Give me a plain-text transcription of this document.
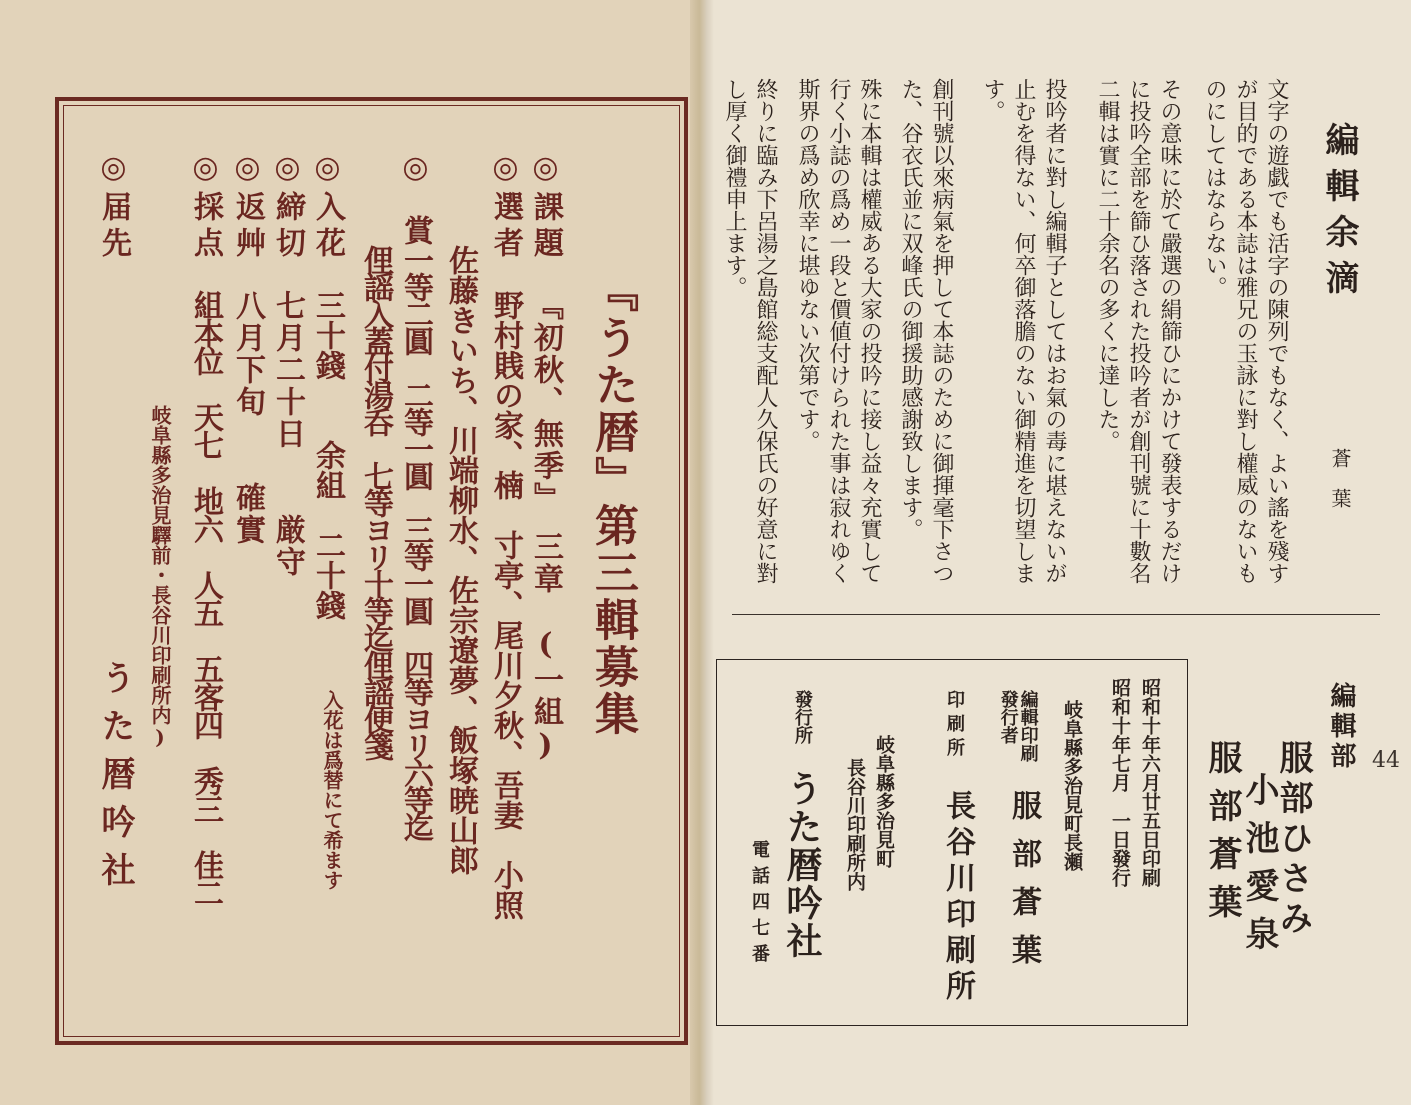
『うた暦』第三輯募集
◎課題
『初秋、無季』　三章　(一組)
◎選者
野村賎の家、楠　寸亭、尾川夕秋、吾妻　小照
佐藤きいち、川端柳水、佐宗遼夢、飯塚暁山郎
◎賞
一等二圓　二等一圓　三等一圓　四等ヨリ六等迄
俚謡入蓋付湯呑　七等ヨリ十等迄俚謡便箋
◎入花
三十錢　　余組　二十錢
入花は爲替にて希ます
◎締切
七月二十日　　厳守
◎返艸
八月下旬　　確實
◎採点
組本位　天七　地六　人五　五客四　秀三　佳二
岐阜縣多治見驛前・長谷川印刷所内)
◎届先
うた暦吟社
編輯余滴
蒼　葉
文字の遊戯でも活字の陳列でもなく、よい謠を殘す
が目的である本誌は雅兄の玉詠に對し權威のないも
のにしてはならない。
その意味に於て嚴選の絹篩ひにかけて發表するだけ
に投吟全部を篩ひ落された投吟者が創刊號に十數名
二輯は實に二十余名の多くに達した。
投吟者に對し編輯子としてはお氣の毒に堪えないが
止むを得ない、何卒御落膽のない御精進を切望しま
す。
創刊號以來病氣を押して本誌のために御揮毫下さつ
た、谷衣氏並に双峰氏の御援助感謝致します。
殊に本輯は權威ある大家の投吟に接し益々充實して
行く小誌の爲め一段と價値付けられた事は寂れゆく
斯界の爲め欣幸に堪ゆない次第です。
終りに臨み下呂湯之島館総支配人久保氏の好意に對
し厚く御禮申上ます。
44
編輯部
服部ひさみ
小池愛泉
服部蒼葉
昭和十年六月廿五日印刷
昭和十年七月　一日發行
岐阜縣多治見町長瀬
編輯印刷
發行者
服部蒼葉
印刷所
長谷川印刷所
岐阜縣多治見町
長谷川印刷所内
發行所
うた暦吟社
電話四七番
